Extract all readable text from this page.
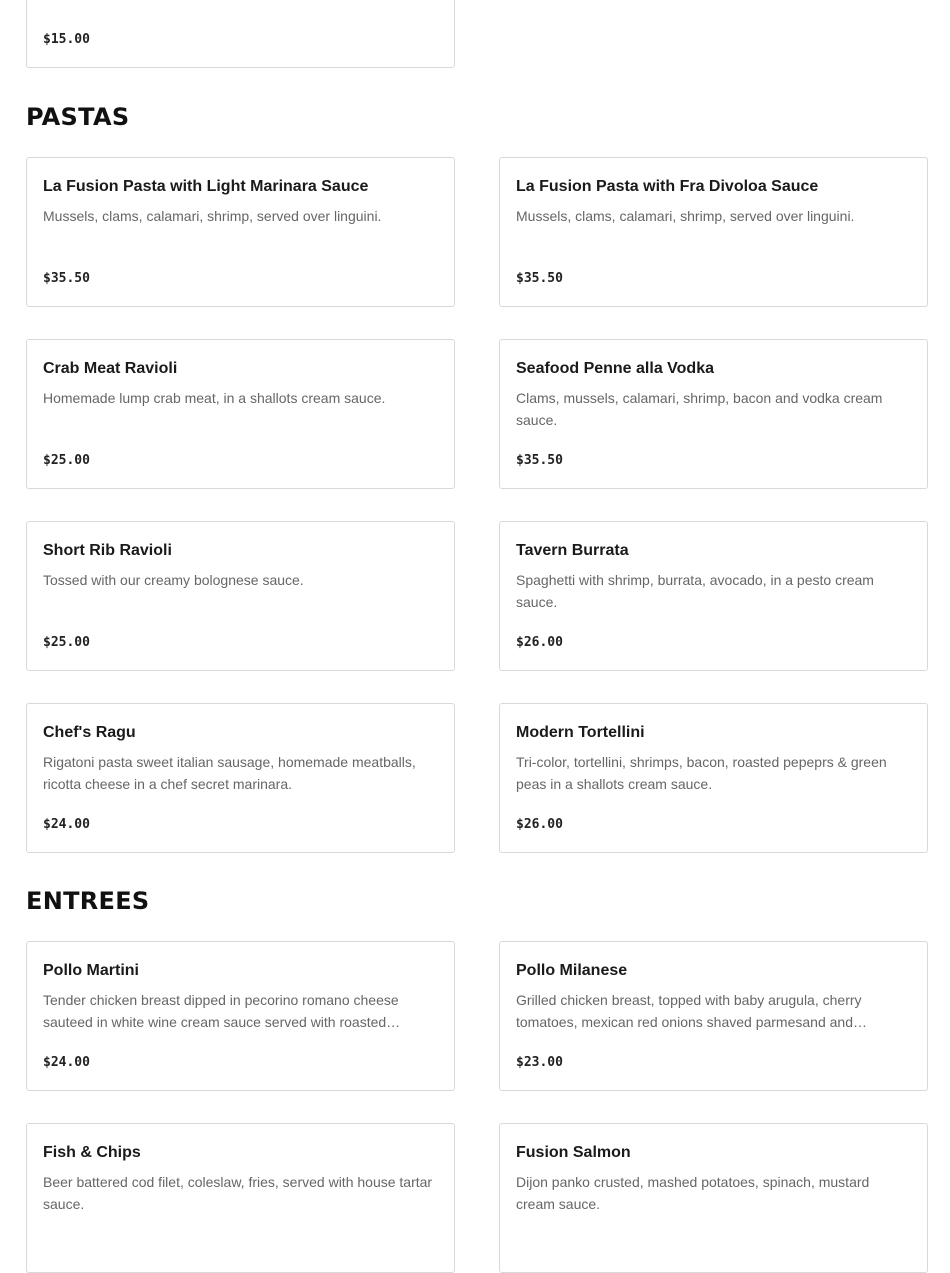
$15.00
PASTAS
La Fusion Pasta with Light Marinara Sauce
Mussels, clams, calamari, shrimp, served over linguini.
$35.50
La Fusion Pasta with Fra Divoloa Sauce
Mussels, clams, calamari, shrimp, served over linguini.
$35.50
Crab Meat Ravioli
Homemade lump crab meat, in a shallots cream sauce.
$25.00
Seafood Penne alla Vodka
Clams, mussels, calamari, shrimp, bacon and vodka cream sauce.
$35.50
Short Rib Ravioli
Tossed with our creamy bolognese sauce.
$25.00
Tavern Burrata
Spaghetti with shrimp, burrata, avocado, in a pesto cream sauce.
$26.00
Chef's Ragu
Rigatoni pasta sweet italian sausage, homemade meatballs, ricotta cheese in a chef secret marinara.
$24.00
Modern Tortellini
Tri-color, tortellini, shrimps, bacon, roasted pepeprs & green peas in a shallots cream sauce.
$26.00
ENTREES
Pollo Martini
Tender chicken breast dipped in pecorino romano cheese sauteed in white wine cream sauce served with roasted…
$24.00
Pollo Milanese
Grilled chicken breast, topped with baby arugula, cherry tomatoes, mexican red onions shaved parmesand and…
$23.00
Fish & Chips
Beer battered cod filet, coleslaw, fries, served with house tartar sauce.
Fusion Salmon
Dijon panko crusted, mashed potatoes, spinach, mustard cream sauce.
